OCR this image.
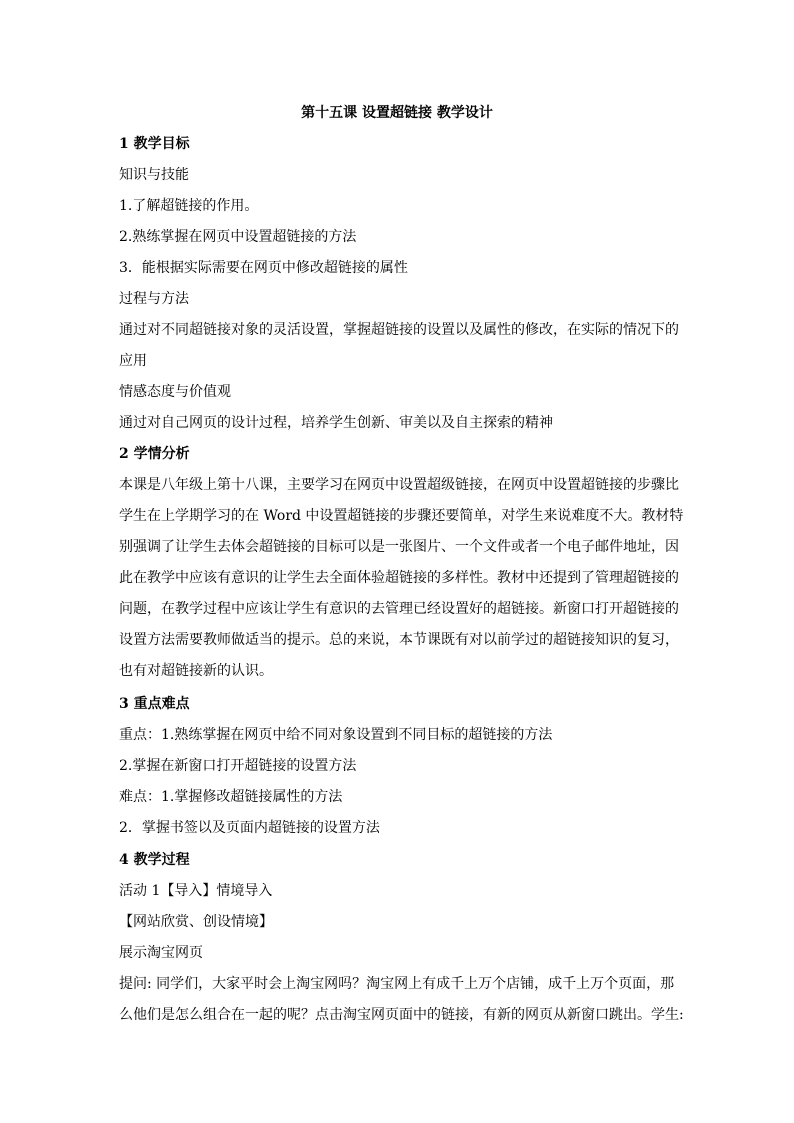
第十五课 设置超链接 教学设计
1 教学目标
知识与技能
1.了解超链接的作用。
2.熟练掌握在网页中设置超链接的方法
3．能根据实际需要在网页中修改超链接的属性
过程与方法
通过对不同超链接对象的灵活设置，掌握超链接的设置以及属性的修改，在实际的情况下的
应用
情感态度与价值观
通过对自己网页的设计过程，培养学生创新、审美以及自主探索的精神
2 学情分析
本课是八年级上第十八课，主要学习在网页中设置超级链接，在网页中设置超链接的步骤比
学生在上学期学习的在 Word 中设置超链接的步骤还要简单，对学生来说难度不大。教材特
别强调了让学生去体会超链接的目标可以是一张图片、一个文件或者一个电子邮件地址，因
此在教学中应该有意识的让学生去全面体验超链接的多样性。教材中还提到了管理超链接的
问题，在教学过程中应该让学生有意识的去管理已经设置好的超链接。新窗口打开超链接的
设置方法需要教师做适当的提示。总的来说，本节课既有对以前学过的超链接知识的复习，
也有对超链接新的认识。
3 重点难点
重点：1.熟练掌握在网页中给不同对象设置到不同目标的超链接的方法
2.掌握在新窗口打开超链接的设置方法
难点：1.掌握修改超链接属性的方法
2．掌握书签以及页面内超链接的设置方法
4 教学过程
活动 1【导入】情境导入
【网站欣赏、创设情境】
展示淘宝网页
提问: 同学们，大家平时会上淘宝网吗？淘宝网上有成千上万个店铺，成千上万个页面，那
么他们是怎么组合在一起的呢？点击淘宝网页面中的链接，有新的网页从新窗口跳出。学生:
